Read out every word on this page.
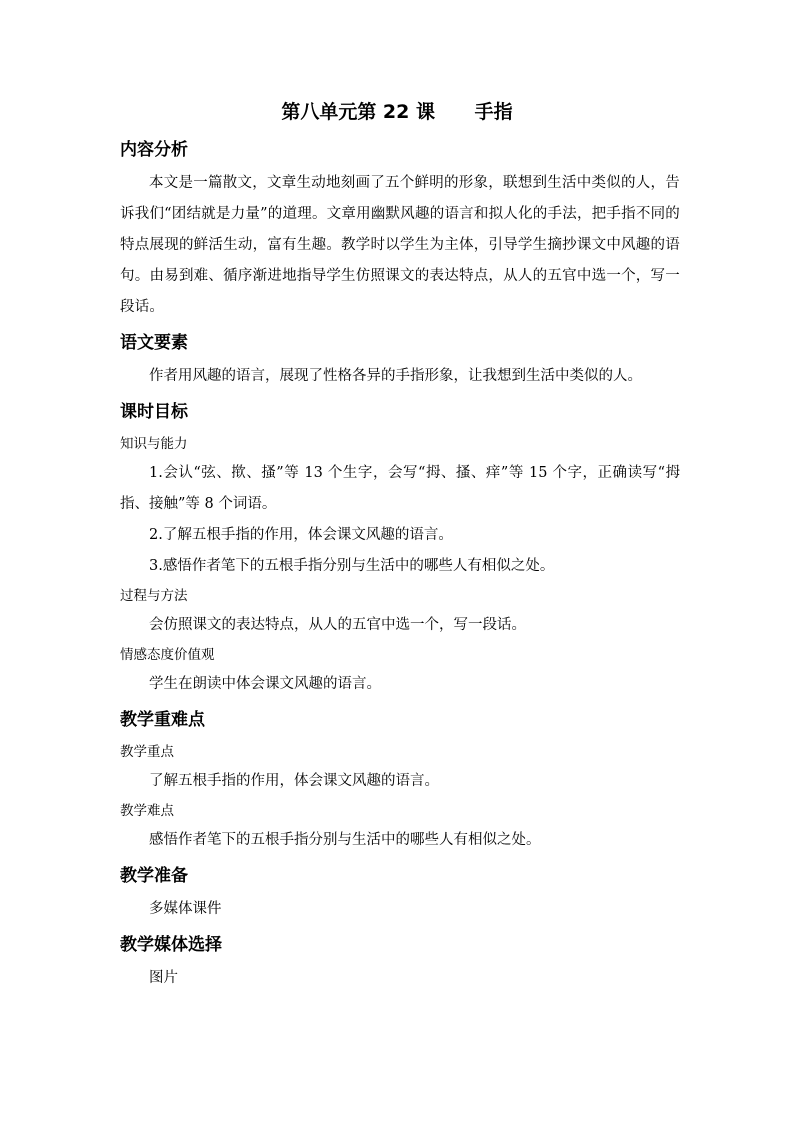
第八单元第 22 课      手指
内容分析

本文是一篇散文，文章生动地刻画了五个鲜明的形象，联想到生活中类似的人，告诉我们“团结就是力量”的道理。文章用幽默风趣的语言和拟人化的手法，把手指不同的特点展现的鲜活生动，富有生趣。教学时以学生为主体，引导学生摘抄课文中风趣的语句。由易到难、循序渐进地指导学生仿照课文的表达特点，从人的五官中选一个，写一段话。

语文要素

作者用风趣的语言，展现了性格各异的手指形象，让我想到生活中类似的人。

课时目标
知识与能力

1.会认“弦、揿、搔”等 13 个生字，会写“拇、搔、痒”等 15 个字，正确读写“拇指、接触”等 8 个词语。

2.了解五根手指的作用，体会课文风趣的语言。

3.感悟作者笔下的五根手指分别与生活中的哪些人有相似之处。

过程与方法

会仿照课文的表达特点，从人的五官中选一个，写一段话。

情感态度价值观

学生在朗读中体会课文风趣的语言。

教学重难点
教学重点

了解五根手指的作用，体会课文风趣的语言。

教学难点

感悟作者笔下的五根手指分别与生活中的哪些人有相似之处。

教学准备

多媒体课件

教学媒体选择

图片
